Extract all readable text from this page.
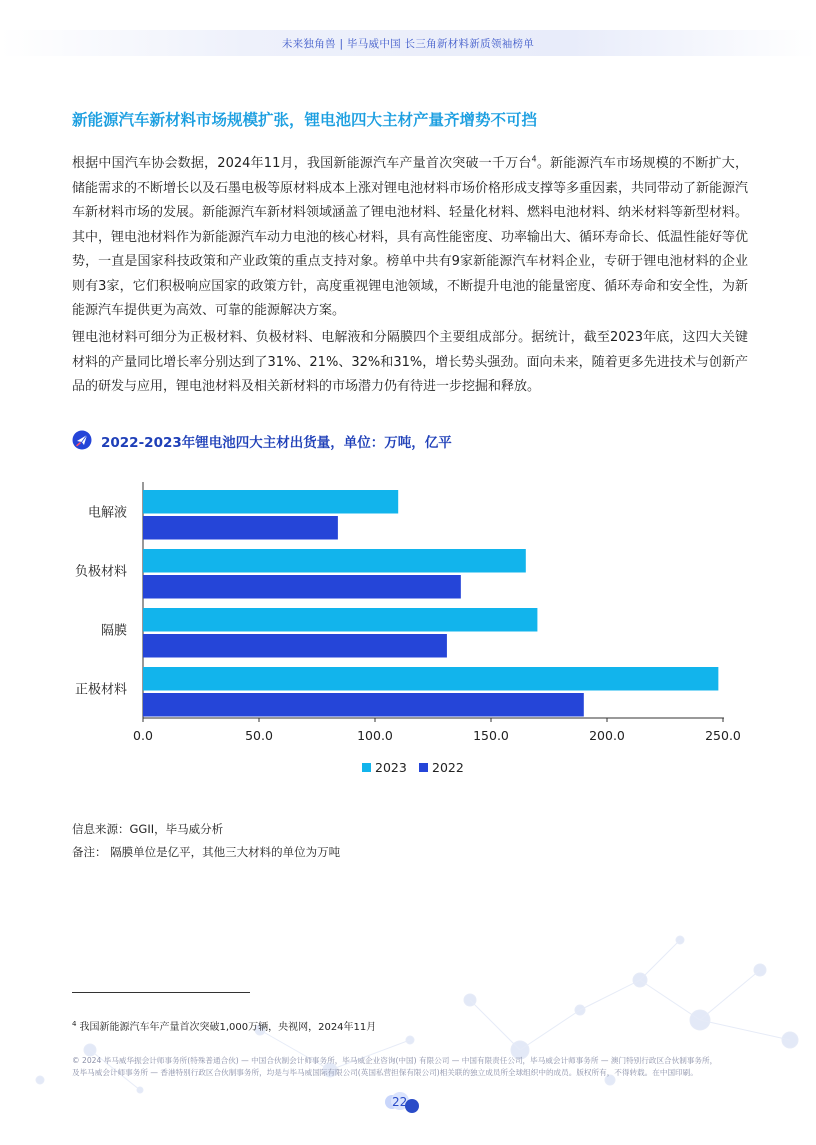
未来独角兽 | 毕马威中国 长三角新材料新质领袖榜单
新能源汽车新材料市场规模扩张，锂电池四大主材产量齐增势不可挡

根据中国汽车协会数据，2024年11月，我国新能源汽车产量首次突破一千万台$^4$。新能源汽车市场规模的不断扩大，储能需求的不断增长以及石墨电极等原材料成本上涨对锂电池材料市场价格形成支撑等多重因素，共同带动了新能源汽车新材料市场的发展。新能源汽车新材料领域涵盖了锂电池材料、轻量化材料、燃料电池材料、纳米材料等新型材料。其中，锂电池材料作为新能源汽车动力电池的核心材料，具有高性能密度、功率输出大、循环寿命长、低温性能好等优势，一直是国家科技政策和产业政策的重点支持对象。榜单中共有9家新能源汽车材料企业，专研于锂电池材料的企业则有3家，它们积极响应国家的政策方针，高度重视锂电池领域，不断提升电池的能量密度、循环寿命和安全性，为新能源汽车提供更为高效、可靠的能源解决方案。

锂电池材料可细分为正极材料、负极材料、电解液和分隔膜四个主要组成部分。据统计，截至2023年底，这四大关键材料的产量同比增长率分别达到了31%、21%、32%和31%，增长势头强劲。面向未来，随着更多先进技术与创新产品的研发与应用，锂电池材料及相关新材料的市场潜力仍有待进一步挖掘和释放。

2022-2023年锂电池四大主材出货量，单位：万吨，亿平
0.0	50.0	100.0	150.0	200.0	250.0
电解液
负极材料
隔膜
正极材料
2023 2022
信息来源：GGII，毕马威分析
备注： 隔膜单位是亿平，其他三大材料的单位为万吨
$^4$ 我国新能源汽车年产量首次突破1,000万辆，央视网，2024年11月
© 2024 毕马威华振会计师事务所(特殊普通合伙) — 中国合伙制会计师事务所，毕马威企业咨询(中国) 有限公司 — 中国有限责任公司，毕马威会计师事务所 — 澳门特别行政区合伙制事务所，
及毕马威会计师事务所 — 香港特别行政区合伙制事务所，均是与毕马威国际有限公司(英国私营担保有限公司)相关联的独立成员所全球组织中的成员。版权所有，不得转载。在中国印刷。
22
